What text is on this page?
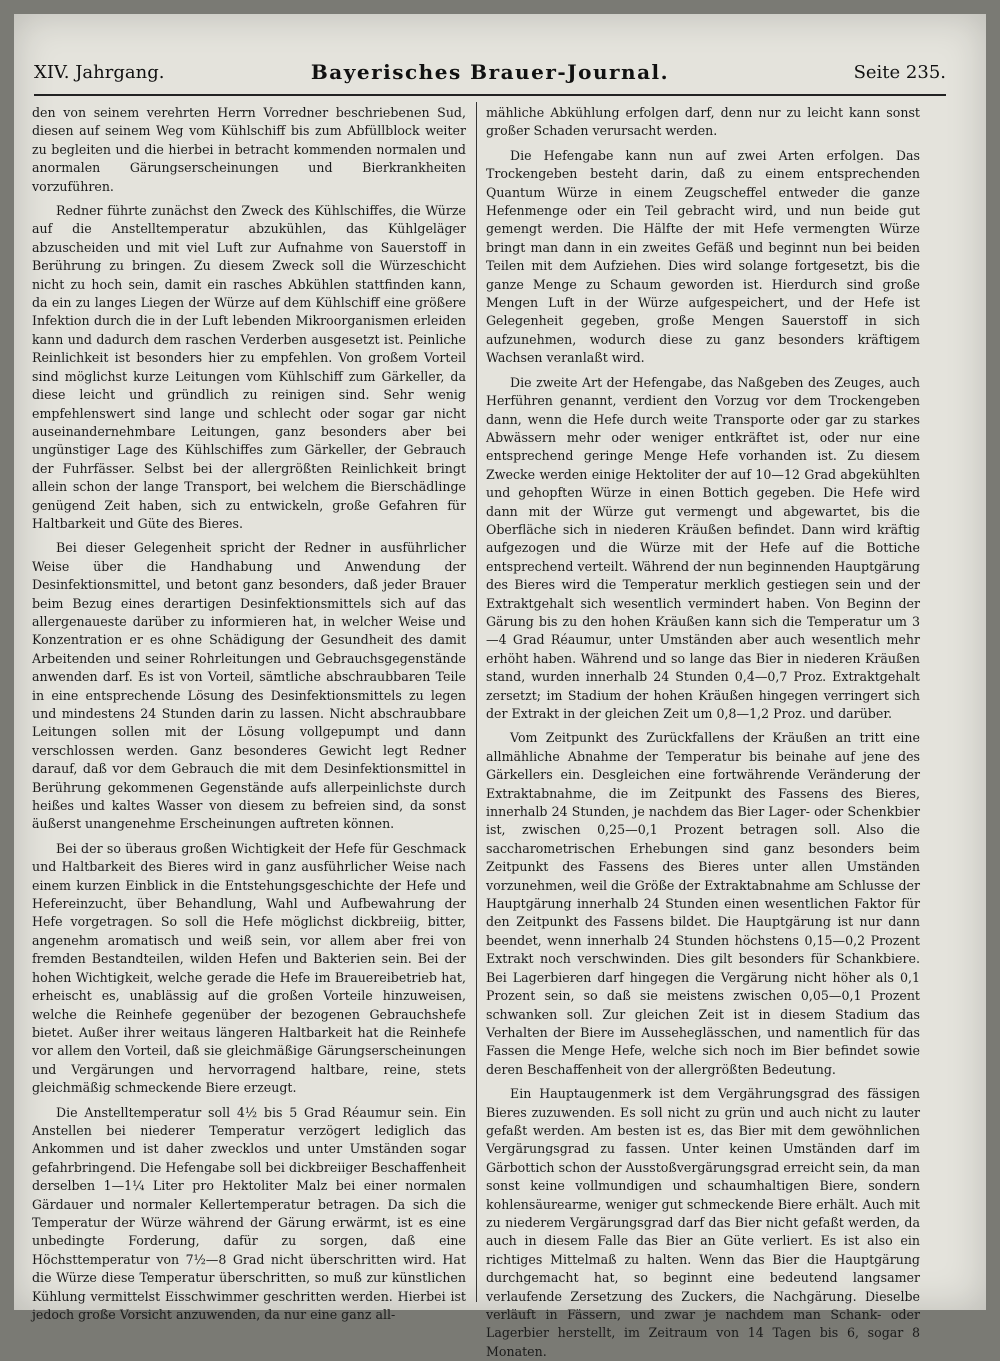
XIV. Jahrgang.	Bayerisches Brauer-Journal.	Seite 235.

den von seinem verehrten Herrn Vorredner beschriebenen Sud, diesen auf seinem Weg vom Kühlschiff bis zum Abfüllblock weiter zu begleiten und die hierbei in betracht kommenden normalen und anormalen Gärungserscheinungen und Bierkrankheiten vorzuführen.

Redner führte zunächst den Zweck des Kühlschiffes, die Würze auf die Anstelltemperatur abzukühlen, das Kühlgeläger abzuscheiden und mit viel Luft zur Aufnahme von Sauerstoff in Berührung zu bringen. Zu diesem Zweck soll die Würzeschicht nicht zu hoch sein, damit ein rasches Abkühlen stattfinden kann, da ein zu langes Liegen der Würze auf dem Kühlschiff eine größere Infektion durch die in der Luft lebenden Mikroorganismen erleiden kann und dadurch dem raschen Verderben ausgesetzt ist. Peinliche Reinlichkeit ist besonders hier zu empfehlen. Von großem Vorteil sind möglichst kurze Leitungen vom Kühlschiff zum Gärkeller, da diese leicht und gründlich zu reinigen sind. Sehr wenig empfehlenswert sind lange und schlecht oder sogar gar nicht auseinandernehmbare Leitungen, ganz besonders aber bei ungünstiger Lage des Kühlschiffes zum Gärkeller, der Gebrauch der Fuhrfässer. Selbst bei der allergrößten Reinlichkeit bringt allein schon der lange Transport, bei welchem die Bierschädlinge genügend Zeit haben, sich zu entwickeln, große Gefahren für Haltbarkeit und Güte des Bieres.

Bei dieser Gelegenheit spricht der Redner in ausführlicher Weise über die Handhabung und Anwendung der Desinfektionsmittel, und betont ganz besonders, daß jeder Brauer beim Bezug eines derartigen Desinfektionsmittels sich auf das allergenaueste darüber zu informieren hat, in welcher Weise und Konzentration er es ohne Schädigung der Gesundheit des damit Arbeitenden und seiner Rohrleitungen und Gebrauchsgegenstände anwenden darf. Es ist von Vorteil, sämtliche abschraubbaren Teile in eine entsprechende Lösung des Desinfektionsmittels zu legen und mindestens 24 Stunden darin zu lassen. Nicht abschraubbare Leitungen sollen mit der Lösung vollgepumpt und dann verschlossen werden. Ganz besonderes Gewicht legt Redner darauf, daß vor dem Gebrauch die mit dem Desinfektionsmittel in Berührung gekommenen Gegenstände aufs allerpeinlichste durch heißes und kaltes Wasser von diesem zu befreien sind, da sonst äußerst unangenehme Erscheinungen auftreten können.

Bei der so überaus großen Wichtigkeit der Hefe für Geschmack und Haltbarkeit des Bieres wird in ganz ausführlicher Weise nach einem kurzen Einblick in die Entstehungsgeschichte der Hefe und Hefereinzucht, über Behandlung, Wahl und Aufbewahrung der Hefe vorgetragen. So soll die Hefe möglichst dickbreiig, bitter, angenehm aromatisch und weiß sein, vor allem aber frei von fremden Bestandteilen, wilden Hefen und Bakterien sein. Bei der hohen Wichtigkeit, welche gerade die Hefe im Brauereibetrieb hat, erheischt es, unablässig auf die großen Vorteile hinzuweisen, welche die Reinhefe gegenüber der bezogenen Gebrauchshefe bietet. Außer ihrer weitaus längeren Haltbarkeit hat die Reinhefe vor allem den Vorteil, daß sie gleichmäßige Gärungserscheinungen und Vergärungen und hervorragend haltbare, reine, stets gleichmäßig schmeckende Biere erzeugt.

Die Anstelltemperatur soll 4½ bis 5 Grad Réaumur sein. Ein Anstellen bei niederer Temperatur verzögert lediglich das Ankommen und ist daher zwecklos und unter Umständen sogar gefahrbringend. Die Hefengabe soll bei dickbreiiger Beschaffenheit derselben 1—1¼ Liter pro Hektoliter Malz bei einer normalen Gärdauer und normaler Kellertemperatur betragen. Da sich die Temperatur der Würze während der Gärung erwärmt, ist es eine unbedingte Forderung, dafür zu sorgen, daß eine Höchsttemperatur von 7½—8 Grad nicht überschritten wird. Hat die Würze diese Temperatur überschritten, so muß zur künstlichen Kühlung vermittelst Eisschwimmer geschritten werden. Hierbei ist jedoch große Vorsicht anzuwenden, da nur eine ganz all-

mähliche Abkühlung erfolgen darf, denn nur zu leicht kann sonst großer Schaden verursacht werden.

Die Hefengabe kann nun auf zwei Arten erfolgen. Das Trockengeben besteht darin, daß zu einem entsprechenden Quantum Würze in einem Zeugscheffel entweder die ganze Hefenmenge oder ein Teil gebracht wird, und nun beide gut gemengt werden. Die Hälfte der mit Hefe vermengten Würze bringt man dann in ein zweites Gefäß und beginnt nun bei beiden Teilen mit dem Aufziehen. Dies wird solange fortgesetzt, bis die ganze Menge zu Schaum geworden ist. Hierdurch sind große Mengen Luft in der Würze aufgespeichert, und der Hefe ist Gelegenheit gegeben, große Mengen Sauerstoff in sich aufzunehmen, wodurch diese zu ganz besonders kräftigem Wachsen veranlaßt wird.

Die zweite Art der Hefengabe, das Naßgeben des Zeuges, auch Herführen genannt, verdient den Vorzug vor dem Trockengeben dann, wenn die Hefe durch weite Transporte oder gar zu starkes Abwässern mehr oder weniger entkräftet ist, oder nur eine entsprechend geringe Menge Hefe vorhanden ist. Zu diesem Zwecke werden einige Hektoliter der auf 10—12 Grad abgekühlten und gehopften Würze in einen Bottich gegeben. Die Hefe wird dann mit der Würze gut vermengt und abgewartet, bis die Oberfläche sich in niederen Kräußen befindet. Dann wird kräftig aufgezogen und die Würze mit der Hefe auf die Bottiche entsprechend verteilt. Während der nun beginnenden Hauptgärung des Bieres wird die Temperatur merklich gestiegen sein und der Extraktgehalt sich wesentlich vermindert haben. Von Beginn der Gärung bis zu den hohen Kräußen kann sich die Temperatur um 3—4 Grad Réaumur, unter Umständen aber auch wesentlich mehr erhöht haben. Während und so lange das Bier in niederen Kräußen stand, wurden innerhalb 24 Stunden 0,4—0,7 Proz. Extraktgehalt zersetzt; im Stadium der hohen Kräußen hingegen verringert sich der Extrakt in der gleichen Zeit um 0,8—1,2 Proz. und darüber.

Vom Zeitpunkt des Zurückfallens der Kräußen an tritt eine allmähliche Abnahme der Temperatur bis beinahe auf jene des Gärkellers ein. Desgleichen eine fortwährende Veränderung der Extraktabnahme, die im Zeitpunkt des Fassens des Bieres, innerhalb 24 Stunden, je nachdem das Bier Lager- oder Schenkbier ist, zwischen 0,25—0,1 Prozent betragen soll. Also die saccharometrischen Erhebungen sind ganz besonders beim Zeitpunkt des Fassens des Bieres unter allen Umständen vorzunehmen, weil die Größe der Extraktabnahme am Schlusse der Hauptgärung innerhalb 24 Stunden einen wesentlichen Faktor für den Zeitpunkt des Fassens bildet. Die Hauptgärung ist nur dann beendet, wenn innerhalb 24 Stunden höchstens 0,15—0,2 Prozent Extrakt noch verschwinden. Dies gilt besonders für Schankbiere. Bei Lagerbieren darf hingegen die Vergärung nicht höher als 0,1 Prozent sein, so daß sie meistens zwischen 0,05—0,1 Prozent schwanken soll. Zur gleichen Zeit ist in diesem Stadium das Verhalten der Biere im Ausseheglässchen, und namentlich für das Fassen die Menge Hefe, welche sich noch im Bier befindet sowie deren Beschaffenheit von der allergrößten Bedeutung.

Ein Hauptaugenmerk ist dem Vergährungsgrad des fässigen Bieres zuzuwenden. Es soll nicht zu grün und auch nicht zu lauter gefaßt werden. Am besten ist es, das Bier mit dem gewöhnlichen Vergärungsgrad zu fassen. Unter keinen Umständen darf im Gärbottich schon der Ausstoßvergärungsgrad erreicht sein, da man sonst keine vollmundigen und schaumhaltigen Biere, sondern kohlensäurearme, weniger gut schmeckende Biere erhält. Auch mit zu niederem Vergärungsgrad darf das Bier nicht gefaßt werden, da auch in diesem Falle das Bier an Güte verliert. Es ist also ein richtiges Mittelmaß zu halten. Wenn das Bier die Hauptgärung durchgemacht hat, so beginnt eine bedeutend langsamer verlaufende Zersetzung des Zuckers, die Nachgärung. Dieselbe verläuft in Fässern, und zwar je nachdem man Schank- oder Lagerbier herstellt, im Zeitraum von 14 Tagen bis 6, sogar 8 Monaten.
